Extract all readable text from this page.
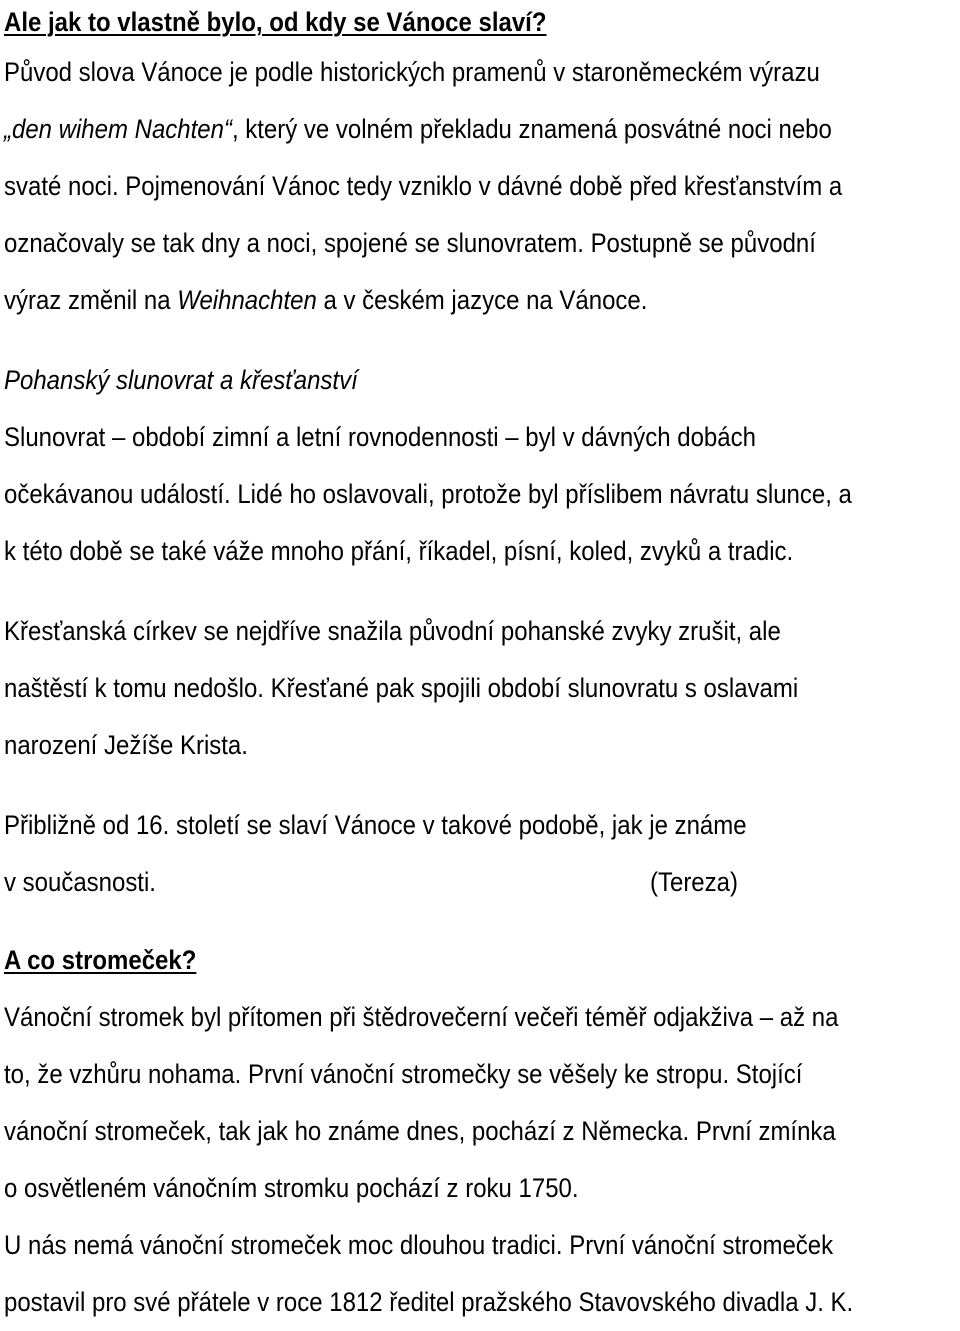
Ale jak to vlastně bylo, od kdy se Vánoce slaví?
Původ slova Vánoce je podle historických pramenů v staroněmeckém výrazu
„den wihem Nachten“, který ve volném překladu znamená posvátné noci nebo
svaté noci. Pojmenování Vánoc tedy vzniklo v dávné době před křesťanstvím a
označovaly se tak dny a noci, spojené se slunovratem. Postupně se původní
výraz změnil na Weihnachten a v českém jazyce na Vánoce.
Pohanský slunovrat a křesťanství
Slunovrat – období zimní a letní rovnodennosti – byl v dávných dobách
očekávanou událostí. Lidé ho oslavovali, protože byl příslibem návratu slunce, a
k této době se také váže mnoho přání, říkadel, písní, koled, zvyků a tradic.
Křesťanská církev se nejdříve snažila původní pohanské zvyky zrušit, ale
naštěstí k tomu nedošlo. Křesťané pak spojili období slunovratu s oslavami
narození Ježíše Krista.
Přibližně od 16. století se slaví Vánoce v takové podobě, jak je známe
v současnosti.	(Tereza)
A co stromeček?
Vánoční stromek byl přítomen při štědrovečerní večeři téměř odjakživa – až na
to, že vzhůru nohama. První vánoční stromečky se věšely ke stropu. Stojící
vánoční stromeček, tak jak ho známe dnes, pochází z Německa. První zmínka
o osvětleném vánočním stromku pochází z roku 1750.
U nás nemá vánoční stromeček moc dlouhou tradici. První vánoční stromeček
postavil pro své přátele v roce 1812 ředitel pražského Stavovského divadla J. K.
